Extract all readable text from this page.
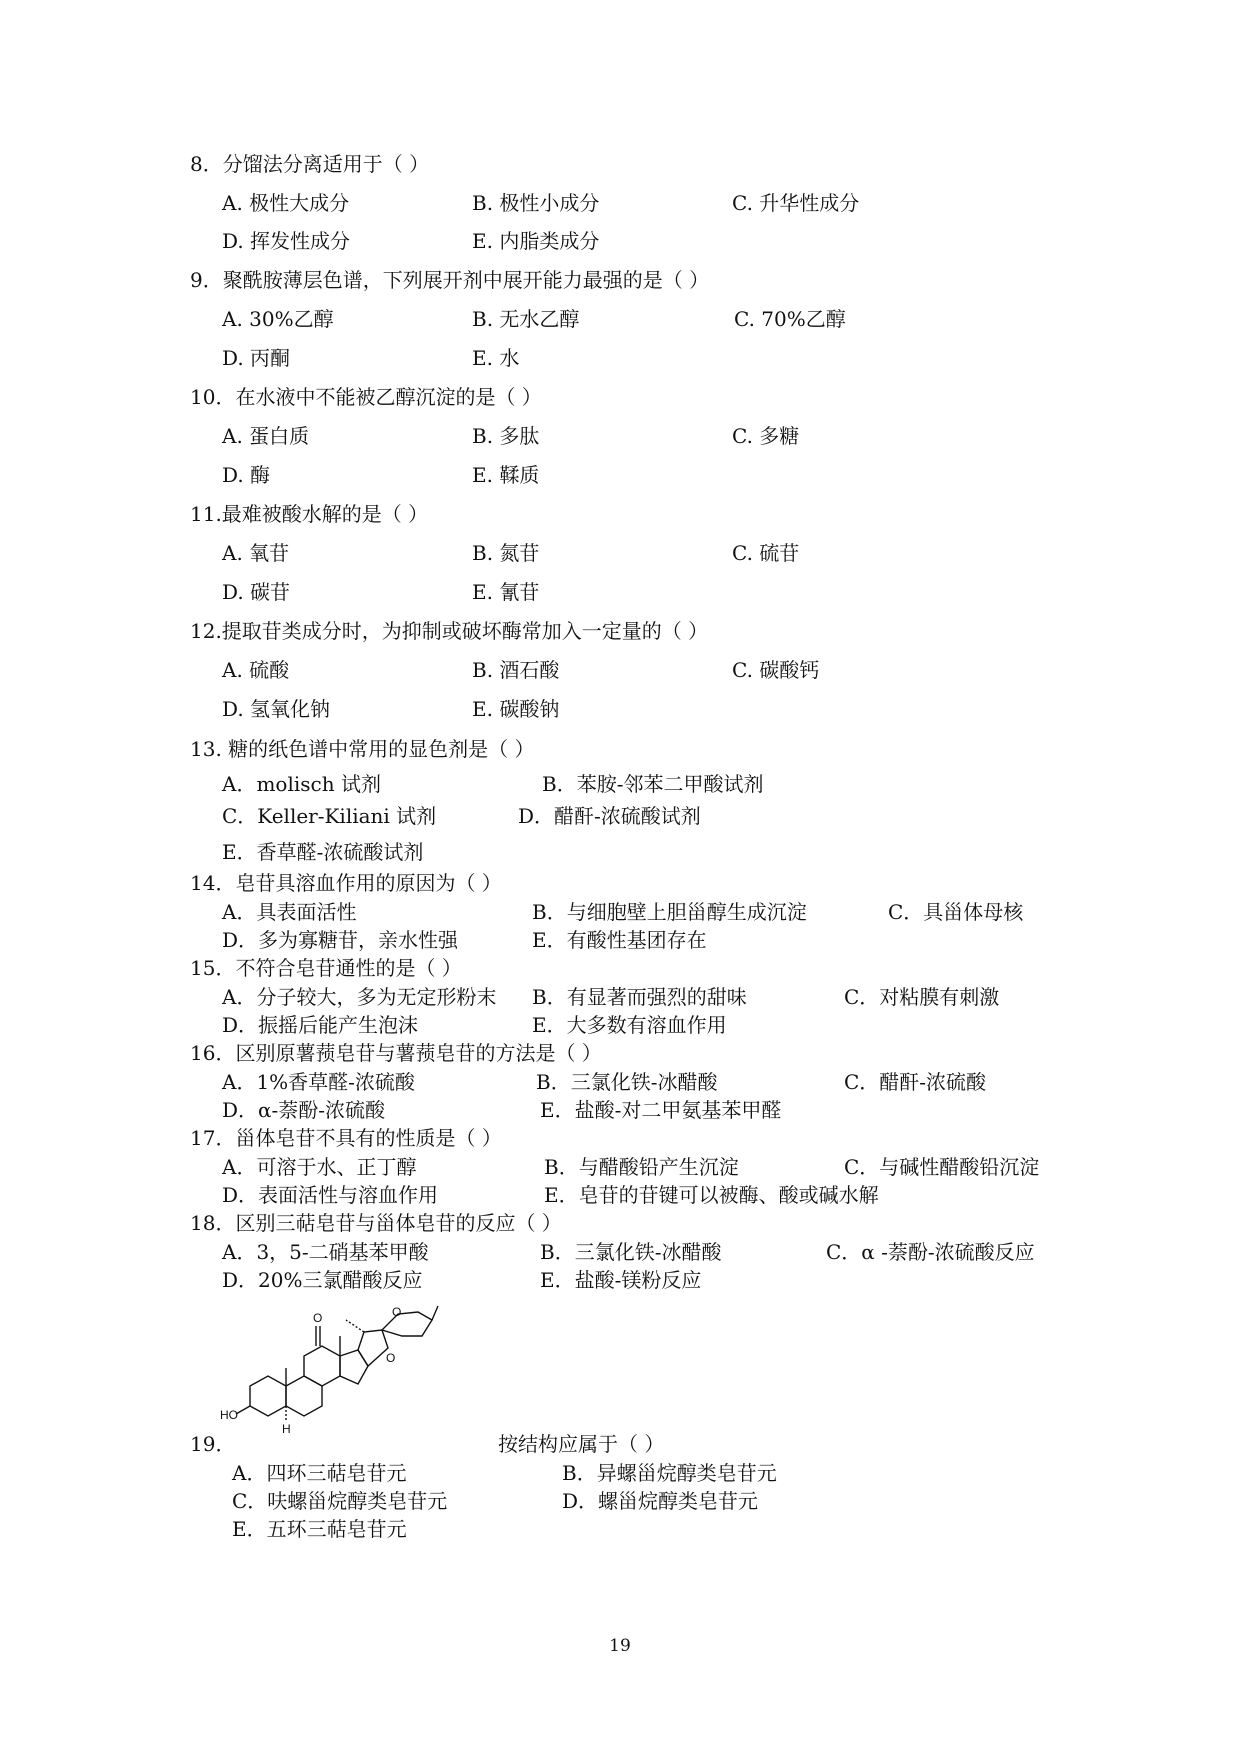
8．分馏法分离适用于（ ）
A. 极性大成分	B. 极性小成分	C. 升华性成分
D. 挥发性成分	E. 内脂类成分
9．聚酰胺薄层色谱，下列展开剂中展开能力最强的是（ ）
A. 30%乙醇	B. 无水乙醇	C. 70%乙醇
D. 丙酮	E. 水
10．在水液中不能被乙醇沉淀的是（ ）
A. 蛋白质	B. 多肽	C. 多糖
D. 酶	E. 鞣质
11.最难被酸水解的是（ ）
A. 氧苷	B. 氮苷	C. 硫苷
D. 碳苷	E. 氰苷
12.提取苷类成分时，为抑制或破坏酶常加入一定量的（ ）
A. 硫酸	B. 酒石酸	C. 碳酸钙
D. 氢氧化钠	E. 碳酸钠
13. 糖的纸色谱中常用的显色剂是（ ）
A．molisch 试剂	B．苯胺-邻苯二甲酸试剂
C．Keller-Kiliani 试剂	D．醋酐-浓硫酸试剂
E．香草醛-浓硫酸试剂
14．皂苷具溶血作用的原因为（ ）
A．具表面活性	B．与细胞壁上胆甾醇生成沉淀	C．具甾体母核
D．多为寡糖苷，亲水性强	E．有酸性基团存在
15．不符合皂苷通性的是（ ）
A．分子较大，多为无定形粉末 B．有显著而强烈的甜味	C．对粘膜有刺激
D．振摇后能产生泡沫	E．大多数有溶血作用
16．区别原薯蓣皂苷与薯蓣皂苷的方法是（ ）
A．1%香草醛-浓硫酸	B．三氯化铁-冰醋酸	C．醋酐-浓硫酸
D．α-萘酚-浓硫酸	E．盐酸-对二甲氨基苯甲醛
17．甾体皂苷不具有的性质是（ ）
A．可溶于水、正丁醇	B．与醋酸铅产生沉淀	C．与碱性醋酸铅沉淀
D．表面活性与溶血作用	E．皂苷的苷键可以被酶、酸或碱水解
18．区别三萜皂苷与甾体皂苷的反应（ ）
A．3，5-二硝基苯甲酸	B．三氯化铁-冰醋酸	C．α -萘酚-浓硫酸反应
D．20%三氯醋酸反应	E．盐酸-镁粉反应
19．
HO
H
O
O
O
按结构应属于（ ）
A．四环三萜皂苷元	B．异螺甾烷醇类皂苷元
C．呋螺甾烷醇类皂苷元	D．螺甾烷醇类皂苷元
E．五环三萜皂苷元
19
